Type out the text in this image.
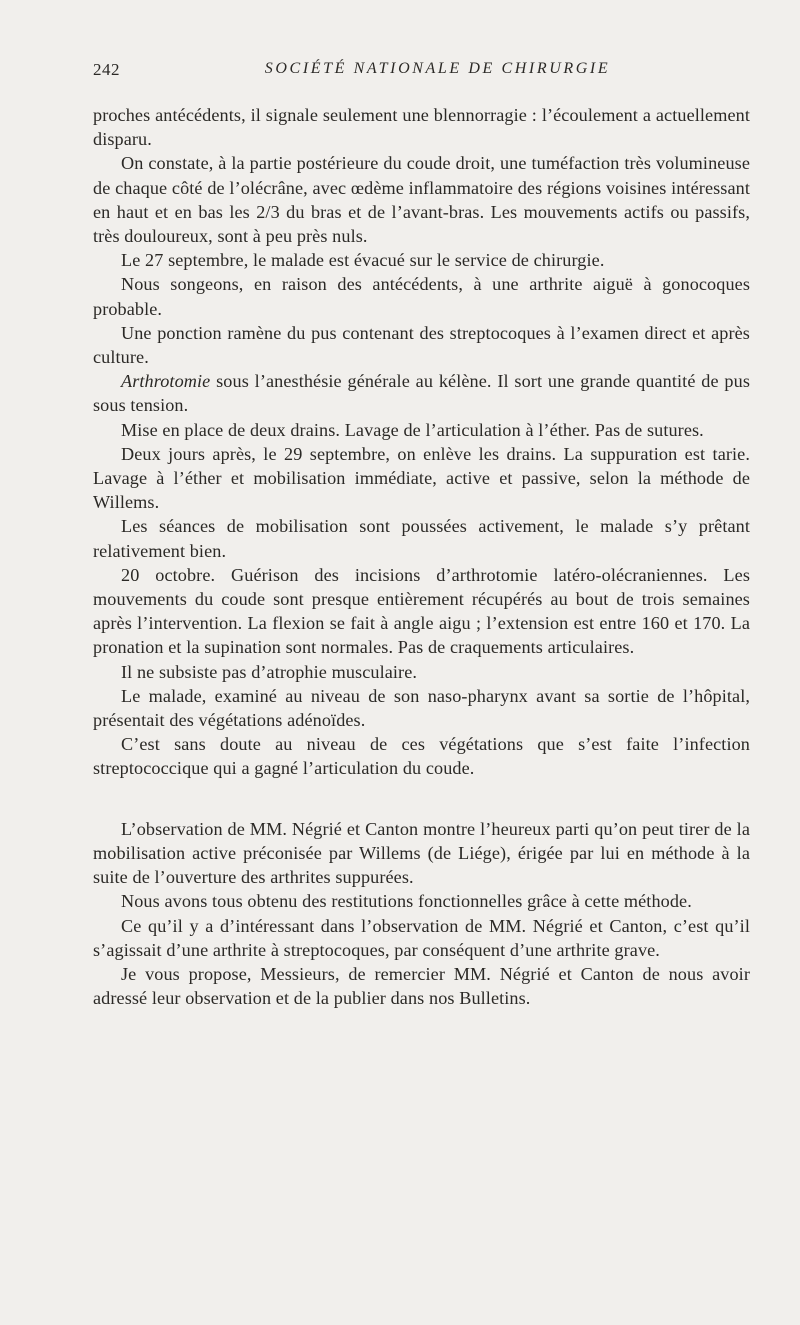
242	SOCIÉTÉ NATIONALE DE CHIRURGIE

proches antécédents, il signale seulement une blennorragie : l’écoulement a actuellement disparu.

On constate, à la partie postérieure du coude droit, une tuméfaction très volumineuse de chaque côté de l’olécrâne, avec œdème inflammatoire des régions voisines intéressant en haut et en bas les 2/3 du bras et de l’avant-bras. Les mouvements actifs ou passifs, très douloureux, sont à peu près nuls.

Le 27 septembre, le malade est évacué sur le service de chirurgie.

Nous songeons, en raison des antécédents, à une arthrite aiguë à gonocoques probable.

Une ponction ramène du pus contenant des streptocoques à l’examen direct et après culture.

Arthrotomie sous l’anesthésie générale au kélène. Il sort une grande quantité de pus sous tension.

Mise en place de deux drains. Lavage de l’articulation à l’éther. Pas de sutures.

Deux jours après, le 29 septembre, on enlève les drains. La suppuration est tarie. Lavage à l’éther et mobilisation immédiate, active et passive, selon la méthode de Willems.

Les séances de mobilisation sont poussées activement, le malade s’y prêtant relativement bien.

20 octobre. Guérison des incisions d’arthrotomie latéro-olécraniennes. Les mouvements du coude sont presque entièrement récupérés au bout de trois semaines après l’intervention. La flexion se fait à angle aigu ; l’extension est entre 160 et 170. La pronation et la supination sont normales. Pas de craquements articulaires.

Il ne subsiste pas d’atrophie musculaire.

Le malade, examiné au niveau de son naso-pharynx avant sa sortie de l’hôpital, présentait des végétations adénoïdes.

C’est sans doute au niveau de ces végétations que s’est faite l’infection streptococcique qui a gagné l’articulation du coude.

L’observation de MM. Négrié et Canton montre l’heureux parti qu’on peut tirer de la mobilisation active préconisée par Willems (de Liége), érigée par lui en méthode à la suite de l’ouverture des arthrites suppurées.

Nous avons tous obtenu des restitutions fonctionnelles grâce à cette méthode.

Ce qu’il y a d’intéressant dans l’observation de MM. Négrié et Canton, c’est qu’il s’agissait d’une arthrite à streptocoques, par conséquent d’une arthrite grave.

Je vous propose, Messieurs, de remercier MM. Négrié et Canton de nous avoir adressé leur observation et de la publier dans nos Bulletins.
